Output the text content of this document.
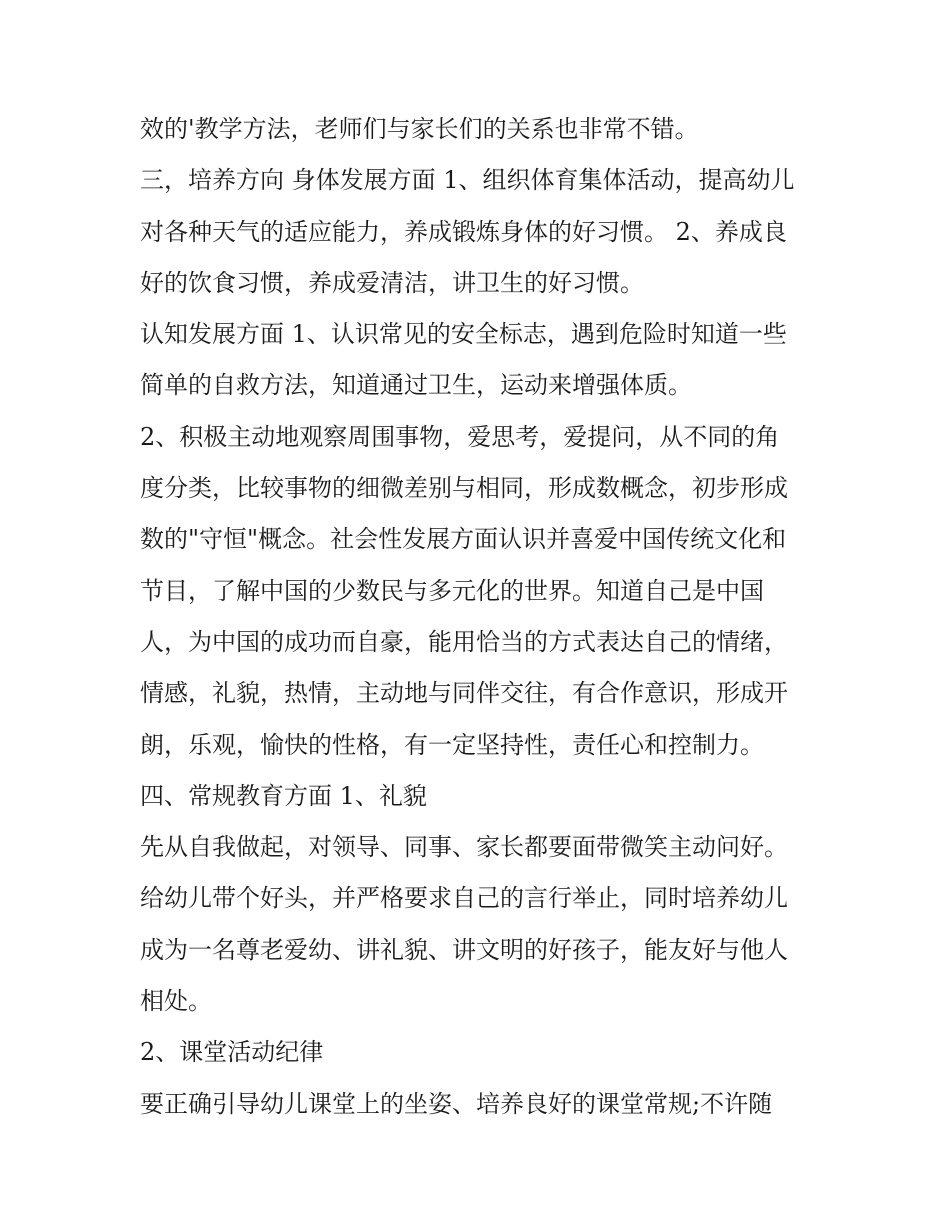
效的'教学方法，老师们与家长们的关系也非常不错。

三，培养方向 身体发展方面 1、组织体育集体活动，提高幼儿

对各种天气的适应能力，养成锻炼身体的好习惯。 2、养成良

好的饮食习惯，养成爱清洁，讲卫生的好习惯。

认知发展方面 1、认识常见的安全标志，遇到危险时知道一些

简单的自救方法，知道通过卫生，运动来增强体质。

2、积极主动地观察周围事物，爱思考，爱提问，从不同的角

度分类，比较事物的细微差别与相同，形成数概念，初步形成

数的"守恒"概念。社会性发展方面认识并喜爱中国传统文化和

节目，了解中国的少数民与多元化的世界。知道自己是中国

人，为中国的成功而自豪，能用恰当的方式表达自己的情绪，

情感，礼貌，热情，主动地与同伴交往，有合作意识，形成开

朗，乐观，愉快的性格，有一定坚持性，责任心和控制力。

四、常规教育方面 1、礼貌

先从自我做起，对领导、同事、家长都要面带微笑主动问好。

给幼儿带个好头，并严格要求自己的言行举止，同时培养幼儿

成为一名尊老爱幼、讲礼貌、讲文明的好孩子，能友好与他人

相处。

2、课堂活动纪律

要正确引导幼儿课堂上的坐姿、培养良好的课堂常规;不许随
